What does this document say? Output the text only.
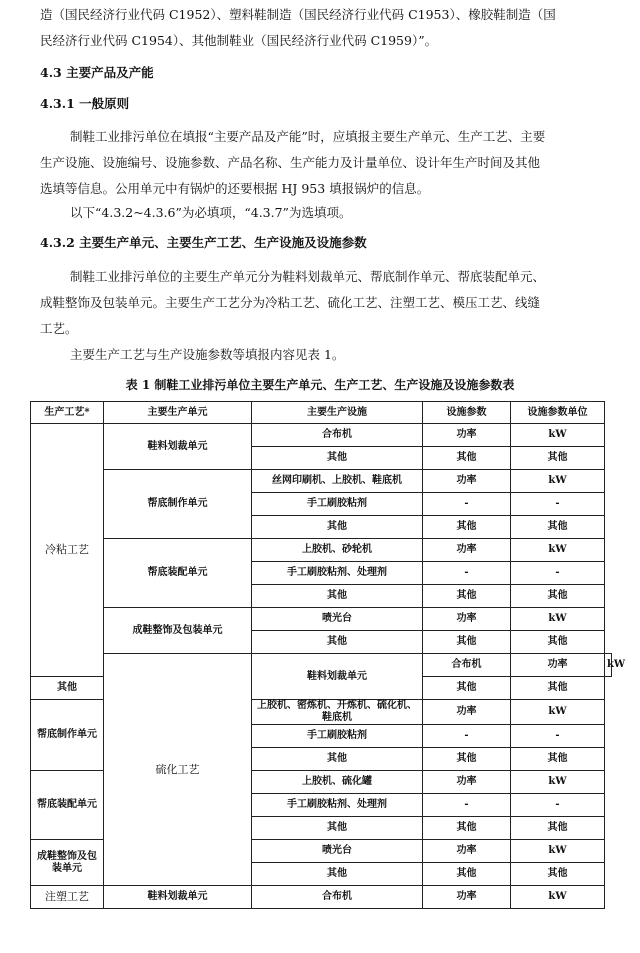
造（国民经济行业代码 C1952）、塑料鞋制造（国民经济行业代码 C1953）、橡胶鞋制造（国
民经济行业代码 C1954）、其他制鞋业（国民经济行业代码 C1959）”。
4.3 主要产品及产能
4.3.1 一般原则
制鞋工业排污单位在填报“主要产品及产能”时，应填报主要生产单元、生产工艺、主要
生产设施、设施编号、设施参数、产品名称、生产能力及计量单位、设计年生产时间及其他
选填等信息。公用单元中有锅炉的还要根据 HJ 953 填报锅炉的信息。
以下“4.3.2~4.3.6”为必填项，“4.3.7”为选填项。
4.3.2 主要生产单元、主要生产工艺、生产设施及设施参数
制鞋工业排污单位的主要生产单元分为鞋料划裁单元、帮底制作单元、帮底装配单元、
成鞋整饰及包装单元。主要生产工艺分为冷粘工艺、硫化工艺、注塑工艺、模压工艺、线缝
工艺。
主要生产工艺与生产设施参数等填报内容见表 1。
表 1 制鞋工业排污单位主要生产单元、生产工艺、生产设施及设施参数表
生产工艺*	主要生产单元	主要生产设施	设施参数	设施参数单位	
冷粘工艺	鞋料划裁单元	合布机	功率	kW	
		其他	其他	其他	
	帮底制作单元	丝网印刷机、上胶机、鞋底机	功率	kW	
		手工刷胶粘剂	-	-	
		其他	其他	其他	
	帮底装配单元	上胶机、砂轮机	功率	kW	
		手工刷胶粘剂、处理剂	-	-	
		其他	其他	其他	
	成鞋整饰及包装单元	喷光台	功率	kW	
		其他	其他	其他	
	硫化工艺	鞋料划裁单元	合布机	功率	kW
其他			其他	其他	
帮底制作单元		上胶机、密炼机、开炼机、硫化机、鞋底机	功率	kW	
		手工刷胶粘剂	-	-	
		其他	其他	其他	
帮底装配单元		上胶机、硫化罐	功率	kW	
		手工刷胶粘剂、处理剂	-	-	
		其他	其他	其他	
成鞋整饰及包装单元		喷光台	功率	kW	
		其他	其他	其他	
注塑工艺	鞋料划裁单元	合布机	功率	kW	
